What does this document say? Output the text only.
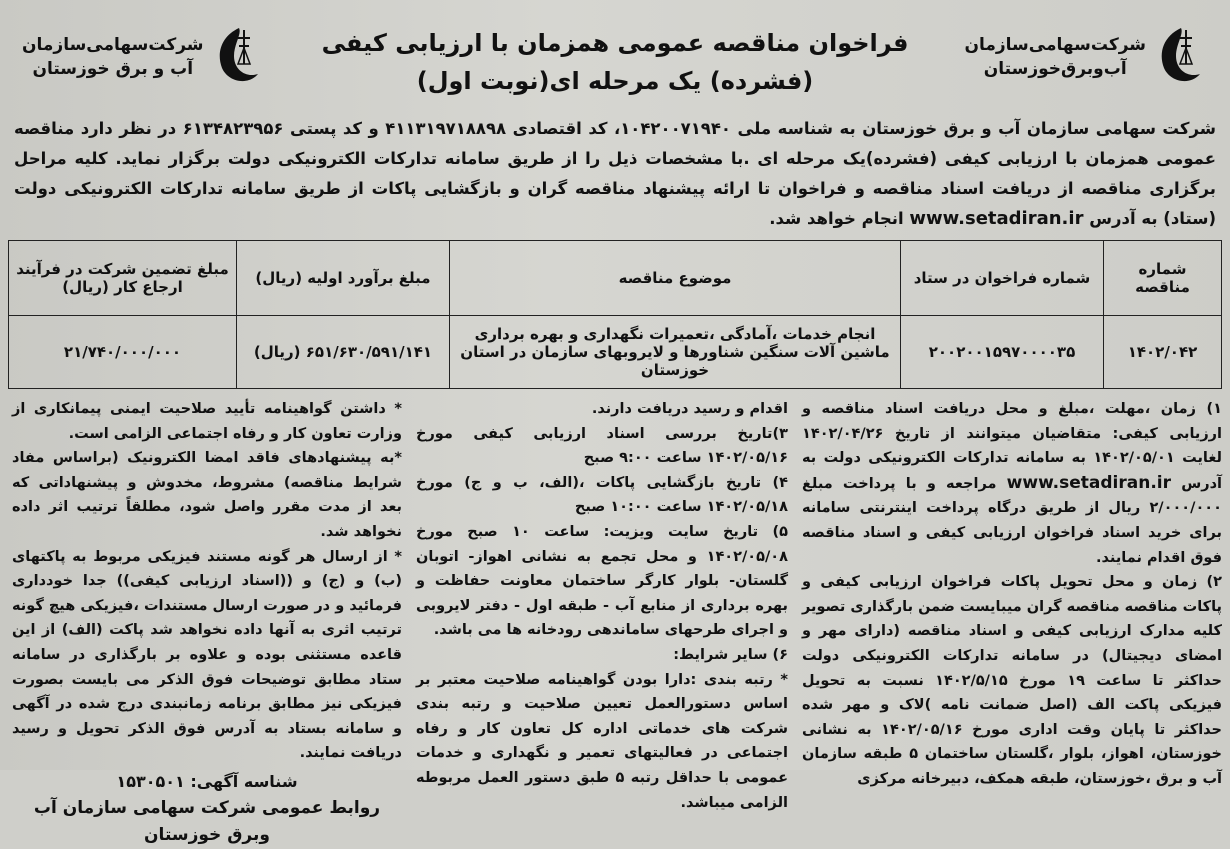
شرکت‌سهامی‌سازمان
آب‌وبرق‌خوزستان
فراخوان مناقصه عمومی همزمان با ارزیابی کیفی
(فشرده) یک مرحله ای(نوبت اول)
شرکت‌سهامی‌سازمان
آب و برق خوزستان
شرکت سهامی سازمان آب و برق خوزستان به شناسه ملی ۱۰۴۲۰۰۷۱۹۴۰، کد اقتصادی ۴۱۱۳۱۹۷۱۸۸۹۸ و کد پستی ۶۱۳۴۸۲۳۹۵۶ در نظر دارد مناقصه عمومی همزمان با ارزیابی کیفی (فشرده)یک مرحله ای .با مشخصات ذیل را از طریق سامانه تدارکات الکترونیکی دولت برگزار نماید. کلیه مراحل برگزاری مناقصه از دریافت اسناد مناقصه و فراخوان تا ارائه پیشنهاد مناقصه گران و بازگشایی پاکات از طریق سامانه تدارکات الکترونیکی دولت (ستاد) به آدرس www.setadiran.ir انجام خواهد شد.
شماره مناقصه	شماره فراخوان در ستاد	موضوع مناقصه	مبلغ برآورد اولیه (ریال)	مبلغ تضمین شرکت در فرآیند ارجاع کار (ریال)
۱۴۰۲/۰۴۲	۲۰۰۲۰۰۱۵۹۷۰۰۰۰۳۵	انجام خدمات ،آمادگی ،تعمیرات نگهداری و بهره برداری ماشین آلات سنگین شناورها و لایروبهای سازمان در استان خوزستان	۶۵۱/۶۳۰/۵۹۱/۱۴۱ (ریال)	۲۱/۷۴۰/۰۰۰/۰۰۰

۱) زمان ،مهلت ،مبلغ و محل دریافت اسناد مناقصه و ارزیابی کیفی: متقاضیان میتوانند از تاریخ ۱۴۰۲/۰۴/۲۶ لغایت ۱۴۰۲/۰۵/۰۱ به سامانه تدارکات الکترونیکی دولت به آدرس www.setadiran.ir مراجعه و با پرداخت مبلغ ۲/۰۰۰/۰۰۰ ریال از طریق درگاه پرداخت اینترنتی سامانه برای خرید اسناد فراخوان ارزیابی کیفی و اسناد مناقصه فوق اقدام نمایند.

۲) زمان و محل تحویل پاکات فراخوان ارزیابی کیفی و پاکات مناقصه مناقصه گران میبایست ضمن بارگذاری تصویر کلیه مدارک ارزیابی کیفی و اسناد مناقصه (دارای مهر و امضای دیجیتال) در سامانه تدارکات الکترونیکی دولت حداکثر تا ساعت ۱۹ مورخ ۱۴۰۲/۵/۱۵ نسبت به تحویل فیزیکی پاکت الف (اصل ضمانت نامه )لاک و مهر شده حداکثر تا پایان وقت اداری مورخ ۱۴۰۲/۰۵/۱۶ به نشانی خوزستان، اهواز، بلوار ،گلستان ساختمان ۵ طبقه سازمان آب و برق ،خوزستان، طبقه همکف، دبیرخانه مرکزی

اقدام و رسید دریافت دارند.

۳)تاریخ بررسی اسناد ارزیابی کیفی مورخ ۱۴۰۲/۰۵/۱۶ ساعت ۹:۰۰ صبح

۴) تاریخ بازگشایی پاکات ،(الف، ب و ج) مورخ ۱۴۰۲/۰۵/۱۸ ساعت ۱۰:۰۰ صبح

۵) تاریخ سایت ویزیت: ساعت ۱۰ صبح مورخ ۱۴۰۲/۰۵/۰۸ و محل تجمع به نشانی اهواز- اتوبان گلستان- بلوار کارگر ساختمان معاونت حفاظت و بهره برداری از منابع آب - طبقه اول - دفتر لایروبی و اجرای طرحهای ساماندهی رودخانه ها می باشد.

۶) سایر شرایط:

* رتبه بندی :دارا بودن گواهینامه صلاحیت معتبر بر اساس دستورالعمل تعیین صلاحیت و رتبه بندی شرکت های خدماتی اداره کل تعاون کار و رفاه اجتماعی در فعالیتهای تعمیر و نگهداری و خدمات عمومی با حداقل رتبه ۵ طبق دستور العمل مربوطه الزامی میباشد.

* داشتن گواهینامه تأیید صلاحیت ایمنی پیمانکاری از وزارت تعاون کار و رفاه اجتماعی الزامی است.

*به پیشنهادهای فاقد امضا الکترونیک (براساس مفاد شرایط مناقصه) مشروط، مخدوش و پیشنهاداتی که بعد از مدت مقرر واصل شود، مطلقاً ترتیب اثر داده نخواهد شد.

* از ارسال هر گونه مستند فیزیکی مربوط به پاکتهای (ب) و (ج) و ((اسناد ارزیابی کیفی)) جدا خودداری فرمائید و در صورت ارسال مستندات ،فیزیکی هیچ گونه ترتیب اثری به آنها داده نخواهد شد پاکت (الف) از این قاعده مستثنی بوده و علاوه بر بارگذاری در سامانه ستاد مطابق توضیحات فوق الذکر می بایست بصورت فیزیکی نیز مطابق برنامه زمانبندی درج شده در آگهی و سامانه بستاد به آدرس فوق الذکر تحویل و رسید دریافت نمایند.

شناسه آگهی: ۱۵۳۰۵۰۱
روابط عمومی شرکت سهامی سازمان آب وبرق خوزستان
